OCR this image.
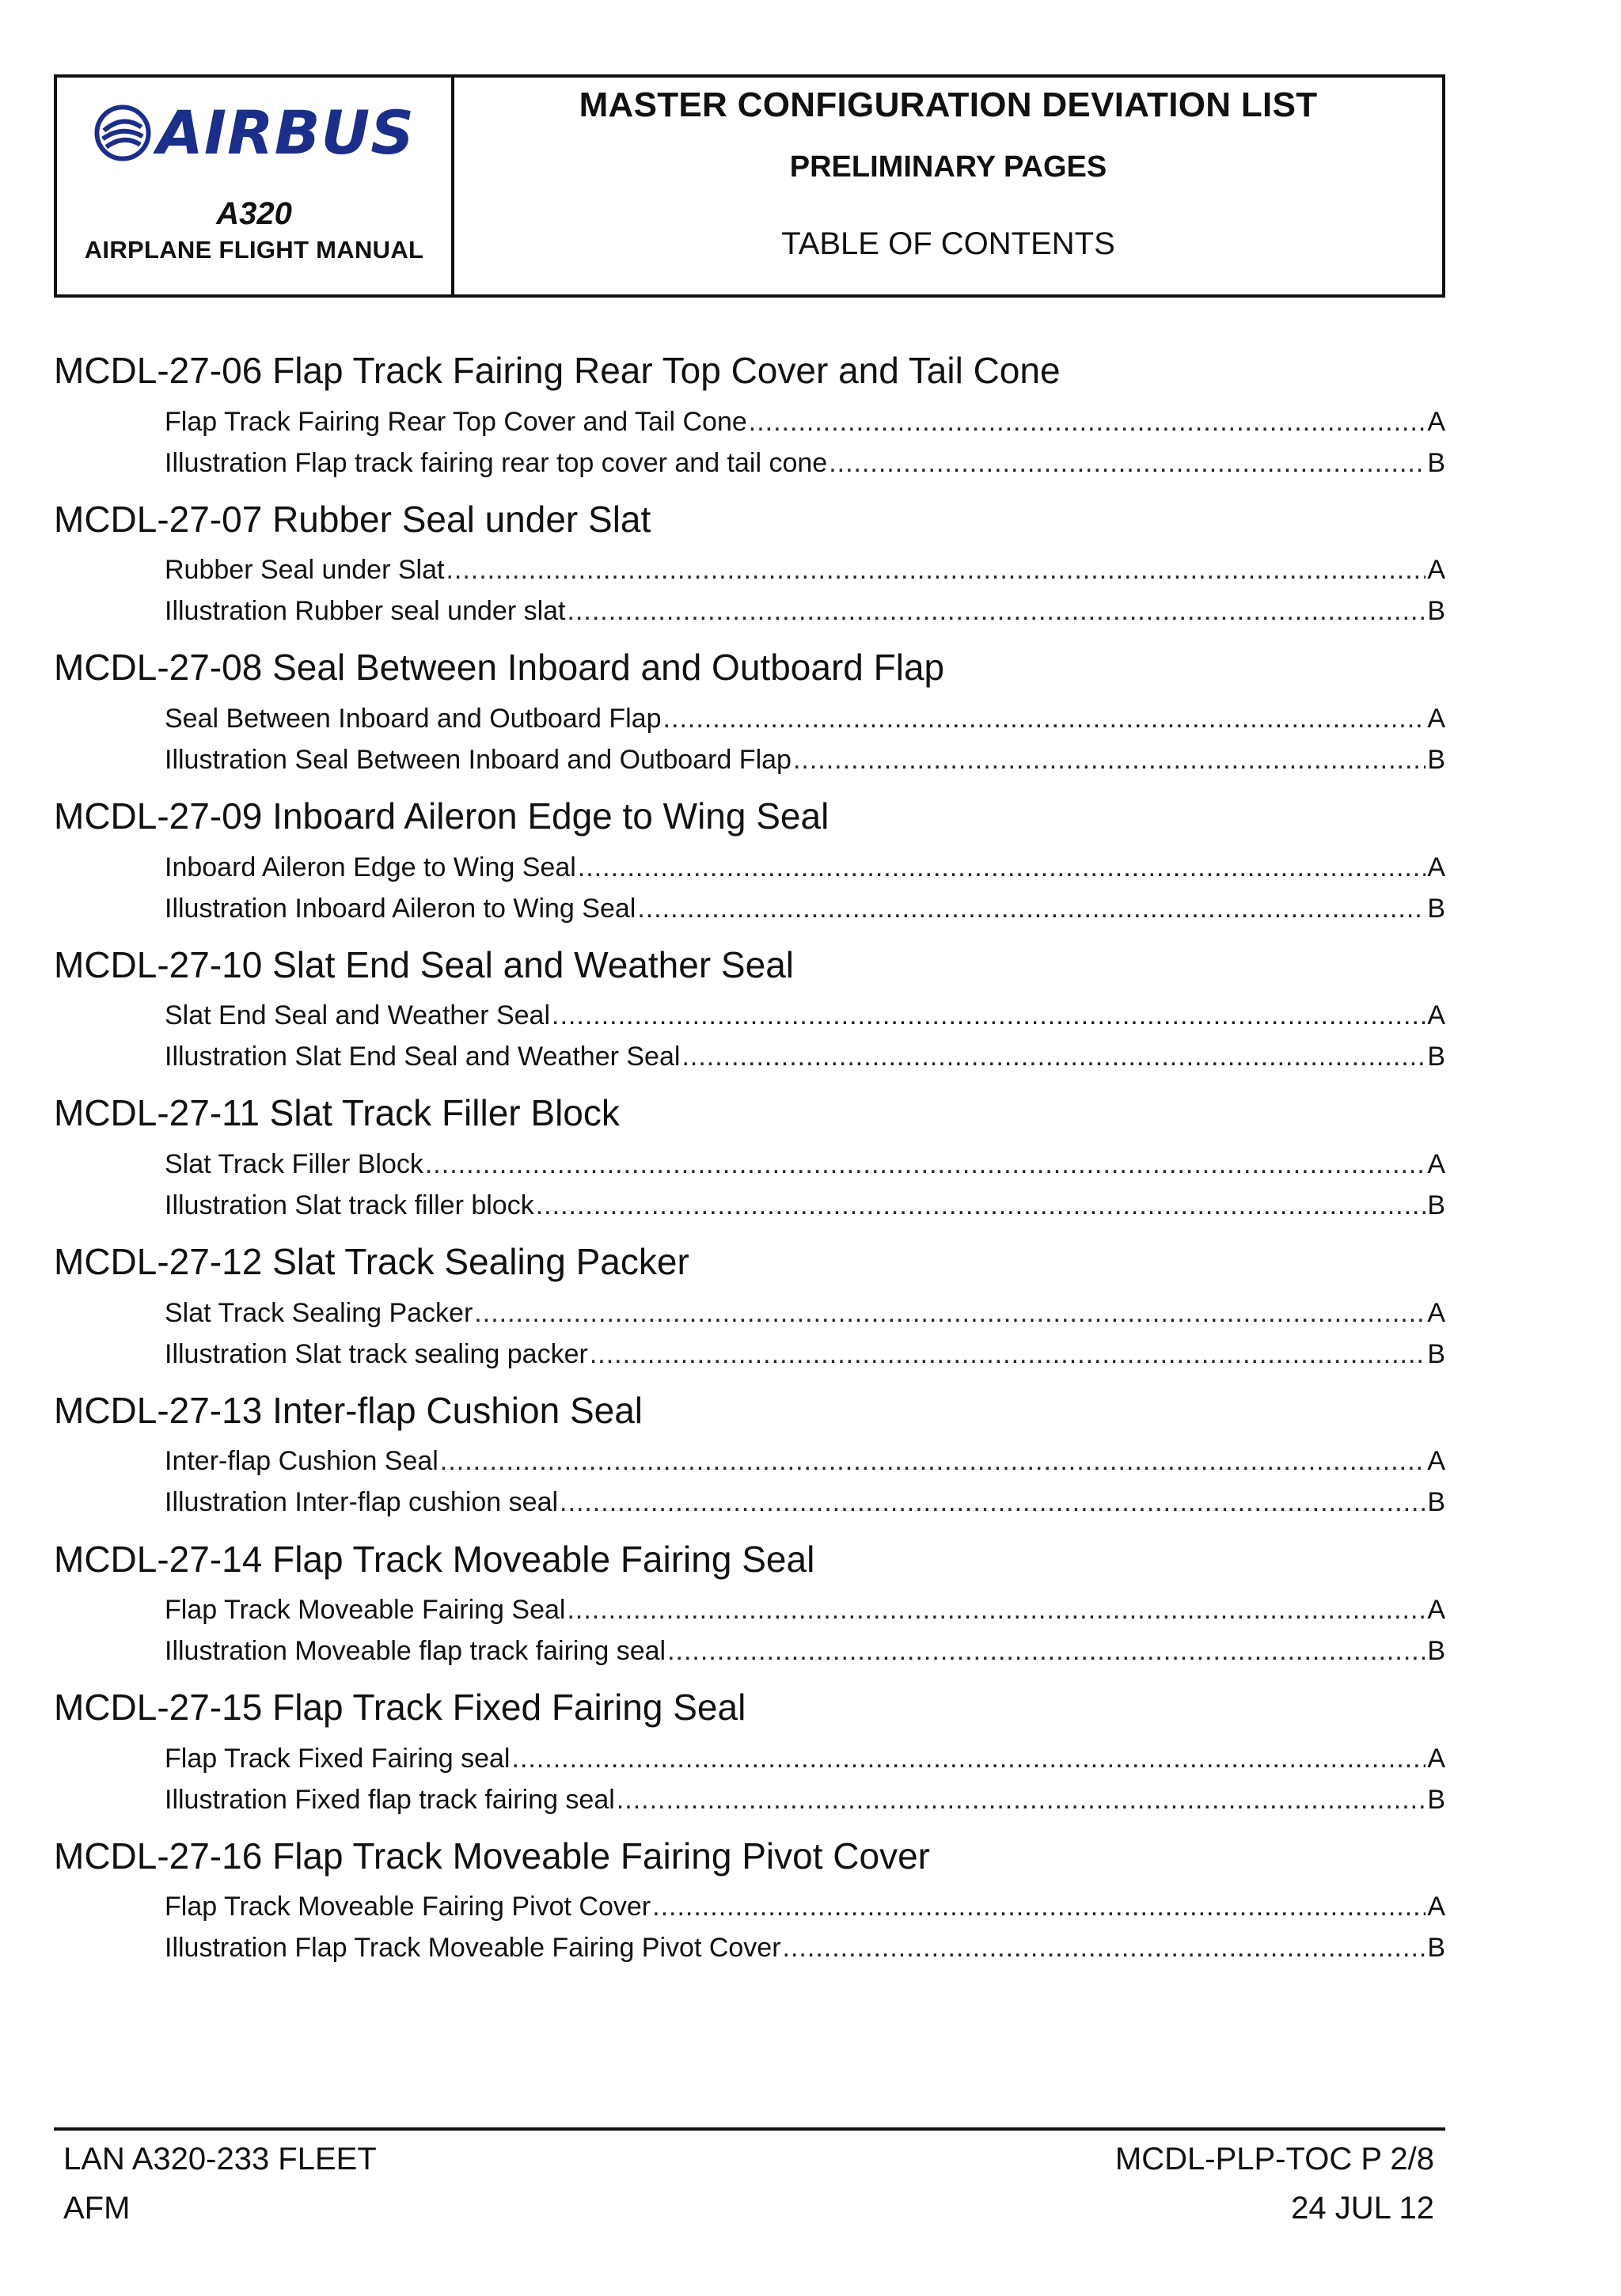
AIRBUS
A320
AIRPLANE FLIGHT MANUAL
MASTER CONFIGURATION DEVIATION LIST
PRELIMINARY PAGES
TABLE OF CONTENTS
MCDL-27-06 Flap Track Fairing Rear Top Cover and Tail Cone
Flap Track Fairing Rear Top Cover and Tail Cone .....	A
Illustration Flap track fairing rear top cover and tail cone .....	B
MCDL-27-07 Rubber Seal under Slat
Rubber Seal under Slat .....	A
Illustration Rubber seal under slat .....	B
MCDL-27-08 Seal Between Inboard and Outboard Flap
Seal Between Inboard and Outboard Flap .....	A
Illustration Seal Between Inboard and Outboard Flap .....	B
MCDL-27-09 Inboard Aileron Edge to Wing Seal
Inboard Aileron Edge to Wing Seal .....	A
Illustration Inboard Aileron to Wing Seal .....	B
MCDL-27-10 Slat End Seal and Weather Seal
Slat End Seal and Weather Seal .....	A
Illustration Slat End Seal and Weather Seal .....	B
MCDL-27-11 Slat Track Filler Block
Slat Track Filler Block .....	A
Illustration Slat track filler block .....	B
MCDL-27-12 Slat Track Sealing Packer
Slat Track Sealing Packer .....	A
Illustration Slat track sealing packer .....	B
MCDL-27-13 Inter-flap Cushion Seal
Inter-flap Cushion Seal .....	A
Illustration Inter-flap cushion seal .....	B
MCDL-27-14 Flap Track Moveable Fairing Seal
Flap Track Moveable Fairing Seal .....	A
Illustration Moveable flap track fairing seal .....	B
MCDL-27-15 Flap Track Fixed Fairing Seal
Flap Track Fixed Fairing seal .....	A
Illustration Fixed flap track fairing seal .....	B
MCDL-27-16 Flap Track Moveable Fairing Pivot Cover
Flap Track Moveable Fairing Pivot Cover .....	A
Illustration Flap Track Moveable Fairing Pivot Cover .....	B
LAN A320-233 FLEET
AFM
MCDL-PLP-TOC P 2/8
24 JUL 12
